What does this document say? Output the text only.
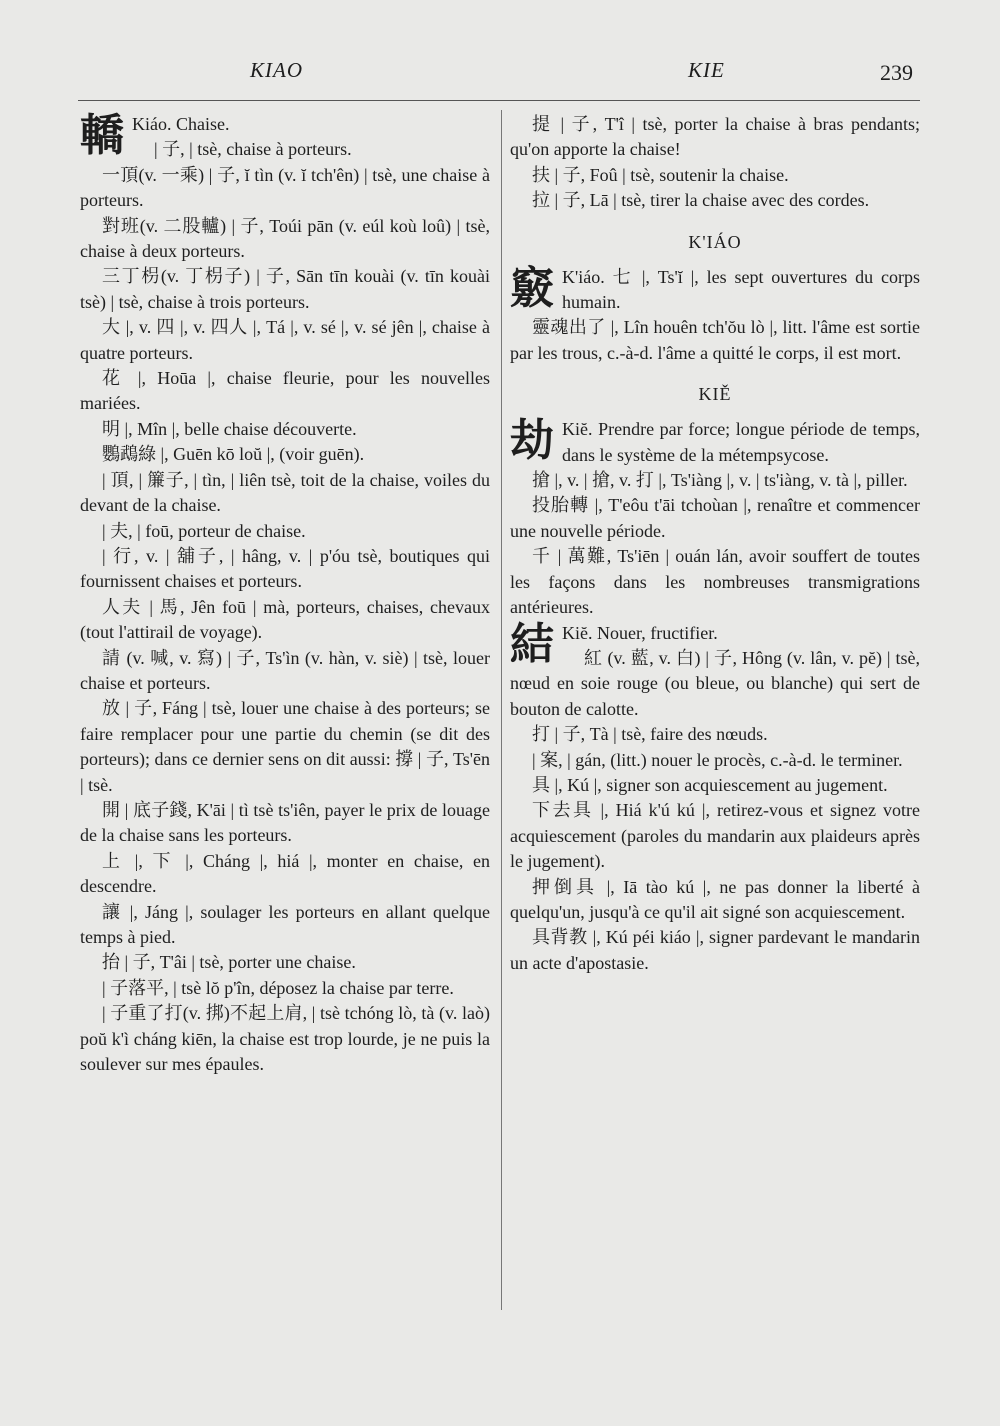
KIAO	KIE	239

轎 Kiáo. Chaise.

| 子, | tsè, chaise à porteurs.

一頂(v. 一乘) | 子, ĭ tìn (v. ĭ tch'ên) | tsè, une chaise à porteurs.

對班(v. 二股轤) | 子, Toúi pān (v. eúl koù loû) | tsè, chaise à deux porteurs.

三丁枴(v. 丁枴子) | 子, Sān tīn kouài (v. tīn kouài tsè) | tsè, chaise à trois porteurs.

大 |, v. 四 |, v. 四人 |, Tá |, v. sé |, v. sé jên |, chaise à quatre porteurs.

花 |, Hoūa |, chaise fleurie, pour les nouvelles mariées.

明 |, Mîn |, belle chaise découverte.

鸚鵡綠 |, Guēn kō loŭ |, (voir guēn).

| 頂, | 簾子, | tìn, | liên tsè, toit de la chaise, voiles du devant de la chaise.

| 夫, | foū, porteur de chaise.

| 行, v. | 舖子, | hâng, v. | p'óu tsè, boutiques qui fournissent chaises et porteurs.

人夫 | 馬, Jên foū | mà, porteurs, chaises, chevaux (tout l'attirail de voyage).

請 (v. 喊, v. 寫) | 子, Ts'ìn (v. hàn, v. siè) | tsè, louer chaise et porteurs.

放 | 子, Fáng | tsè, louer une chaise à des porteurs; se faire remplacer pour une partie du chemin (se dit des porteurs); dans ce dernier sens on dit aussi: 撐 | 子, Ts'ēn | tsè.

開 | 底子錢, K'āi | tì tsè ts'iên, payer le prix de louage de la chaise sans les porteurs.

上 |, 下 |, Cháng |, hiá |, monter en chaise, en descendre.

讓 |, Jáng |, soulager les porteurs en allant quelque temps à pied.

抬 | 子, T'âi | tsè, porter une chaise.

| 子落平, | tsè lŏ p'în, déposez la chaise par terre.

| 子重了打(v. 挷)不起上肩, | tsè tchóng lò, tà (v. laò) poŭ k'ì cháng kiēn, la chaise est trop lourde, je ne puis la soulever sur mes épaules.

提 | 子, T'î | tsè, porter la chaise à bras pendants; qu'on apporte la chaise!

扶 | 子, Foû | tsè, soutenir la chaise.

拉 | 子, Lā | tsè, tirer la chaise avec des cordes.

K'IÁO

竅 K'iáo. 七 |, Ts'ĭ |, les sept ouvertures du corps humain.

靈魂出了 |, Lîn houên tch'ŏu lò |, litt. l'âme est sortie par les trous, c.-à-d. l'âme a quitté le corps, il est mort.

KIĚ

劫 Kiĕ. Prendre par force; longue période de temps, dans le système de la métempsycose.

搶 |, v. | 搶, v. 打 |, Ts'iàng |, v. | ts'iàng, v. tà |, piller.

投胎轉 |, T'eôu t'āi tchoùan |, renaître et commencer une nouvelle période.

千 | 萬難, Ts'iēn | ouán lán, avoir souffert de toutes les façons dans les nombreuses transmigrations antérieures.

結 Kiĕ. Nouer, fructifier.

紅 (v. 藍, v. 白) | 子, Hông (v. lân, v. pĕ) | tsè, nœud en soie rouge (ou bleue, ou blanche) qui sert de bouton de calotte.

打 | 子, Tà | tsè, faire des nœuds.

| 案, | gán, (litt.) nouer le procès, c.-à-d. le terminer.

具 |, Kú |, signer son acquiescement au jugement.

下去具 |, Hiá k'ú kú |, retirez-vous et signez votre acquiescement (paroles du mandarin aux plaideurs après le jugement).

押倒具 |, Iā tào kú |, ne pas donner la liberté à quelqu'un, jusqu'à ce qu'il ait signé son acquiescement.

具背教 |, Kú péi kiáo |, signer pardevant le mandarin un acte d'apostasie.
